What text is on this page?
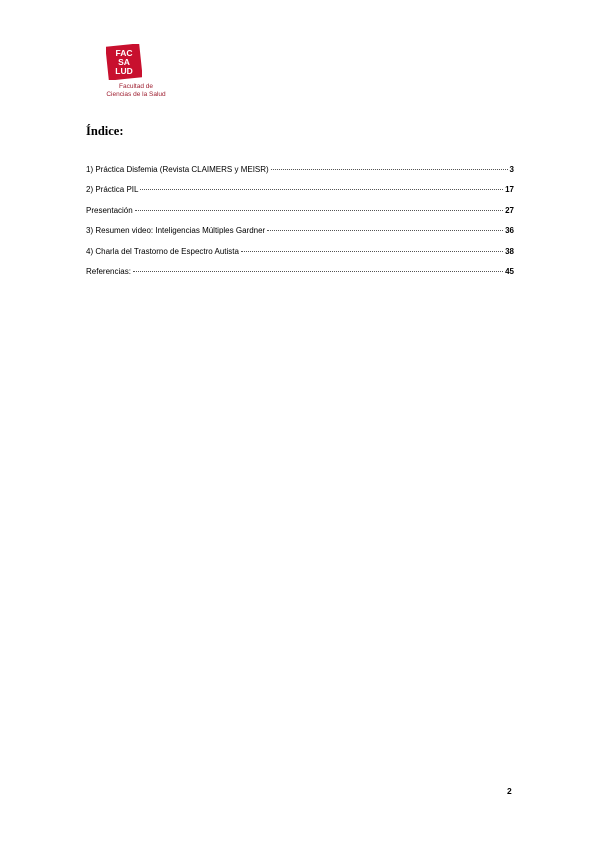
FAC
SA
LUD
Facultad de
Ciencias de la Salud
Índice:
1) Práctica Disfemia (Revista CLAIMERS y MEISR)	3
2) Práctica PIL	17
Presentación	27
3) Resumen video: Inteligencias Múltiples Gardner	36
4) Charla del Trastorno de Espectro Autista	38
Referencias:	45
2
